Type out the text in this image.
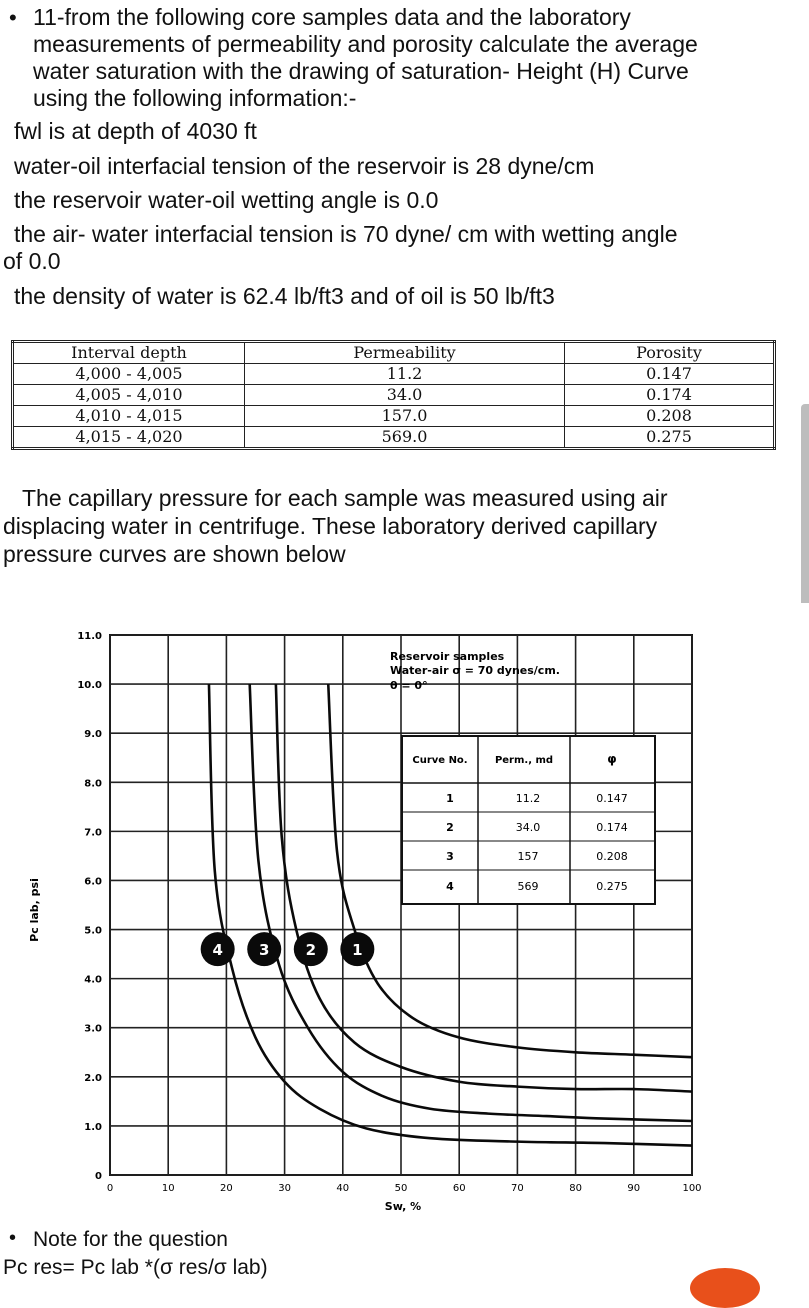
• 11-from the following core samples data and the laboratory
measurements of permeability and porosity calculate the average
water saturation with the drawing of saturation- Height (H) Curve
using the following information:-
fwl is at depth of 4030 ft
water-oil interfacial tension of the reservoir is 28 dyne/cm
the reservoir water-oil wetting angle is 0.0
the air- water interfacial tension is 70 dyne/ cm with wetting angle
of 0.0
the density of water is 62.4 lb/ft3 and of oil is 50 lb/ft3
Interval depth	Permeability	Porosity
4,000 - 4,005	11.2	0.147
4,005 - 4,010	34.0	0.174
4,010 - 4,015	157.0	0.208
4,015 - 4,020	569.0	0.275
The capillary pressure for each sample was measured using air
displacing water in centrifuge. These laboratory derived capillary
pressure curves are shown below
0	10	20	30	40	50	60	70	80	90	100
0
1.0
2.0
3.0
4.0
5.0
6.0
7.0
8.0
9.0
10.0
11.0
Reservoir samples
Water-air σ = 70 dynes/cm.
θ = 0°
Curve No.	Perm., md	φ
1	11.2	0.147
2	34.0	0.174
3	157	0.208
4	569	0.275
Sw, %
Pc lab, psi
4 3 2 1
• Note for the question
Pc res= Pc lab *(σ res/σ lab)
